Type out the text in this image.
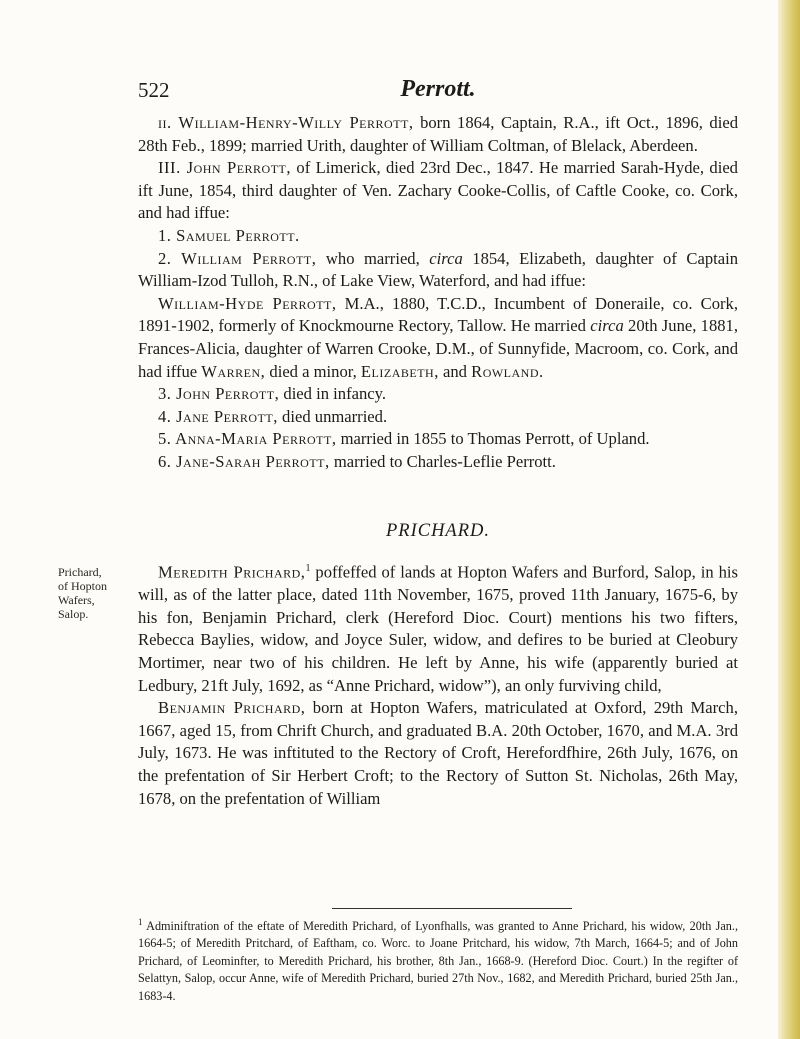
522	Perrott.
Prichard,
of Hopton
Wafers,
Salop.

ii. William-Henry-Willy Perrott, born 1864, Captain, R.A., ift Oct., 1896, died 28th Feb., 1899; married Urith, daughter of William Coltman, of Blelack, Aberdeen.

III. John Perrott, of Limerick, died 23rd Dec., 1847. He married Sarah-Hyde, died ift June, 1854, third daughter of Ven. Zachary Cooke-Collis, of Caftle Cooke, co. Cork, and had iffue:

1. Samuel Perrott.

2. William Perrott, who married, circa 1854, Elizabeth, daughter of Captain William-Izod Tulloh, R.N., of Lake View, Waterford, and had iffue:

William-Hyde Perrott, M.A., 1880, T.C.D., Incumbent of Doneraile, co. Cork, 1891-1902, formerly of Knockmourne Rectory, Tallow. He married circa 20th June, 1881, Frances-Alicia, daughter of Warren Crooke, D.M., of Sunnyfide, Macroom, co. Cork, and had iffue Warren, died a minor, Elizabeth, and Rowland.

3. John Perrott, died in infancy.

4. Jane Perrott, died unmarried.

5. Anna-Maria Perrott, married in 1855 to Thomas Perrott, of Upland.

6. Jane-Sarah Perrott, married to Charles-Leflie Perrott.

PRICHARD.

Meredith Prichard,$^1$ poffeffed of lands at Hopton Wafers and Burford, Salop, in his will, as of the latter place, dated 11th November, 1675, proved 11th January, 1675-6, by his fon, Benjamin Prichard, clerk (Hereford Dioc. Court) mentions his two fifters, Rebecca Baylies, widow, and Joyce Suler, widow, and defires to be buried at Cleobury Mortimer, near two of his children. He left by Anne, his wife (apparently buried at Ledbury, 21ft July, 1692, as “Anne Prichard, widow”), an only furviving child,

Benjamin Prichard, born at Hopton Wafers, matriculated at Oxford, 29th March, 1667, aged 15, from Chrift Church, and graduated B.A. 20th October, 1670, and M.A. 3rd July, 1673. He was inftituted to the Rectory of Croft, Herefordfhire, 26th July, 1676, on the prefentation of Sir Herbert Croft; to the Rectory of Sutton St. Nicholas, 26th May, 1678, on the prefentation of William

$^1$ Adminiftration of the eftate of Meredith Prichard, of Lyonfhalls, was granted to Anne Prichard, his widow, 20th Jan., 1664-5; of Meredith Pritchard, of Eaftham, co. Worc. to Joane Pritchard, his widow, 7th March, 1664-5; and of John Prichard, of Leominfter, to Meredith Prichard, his brother, 8th Jan., 1668-9. (Hereford Dioc. Court.) In the regifter of Selattyn, Salop, occur Anne, wife of Meredith Prichard, buried 27th Nov., 1682, and Meredith Prichard, buried 25th Jan., 1683-4.
